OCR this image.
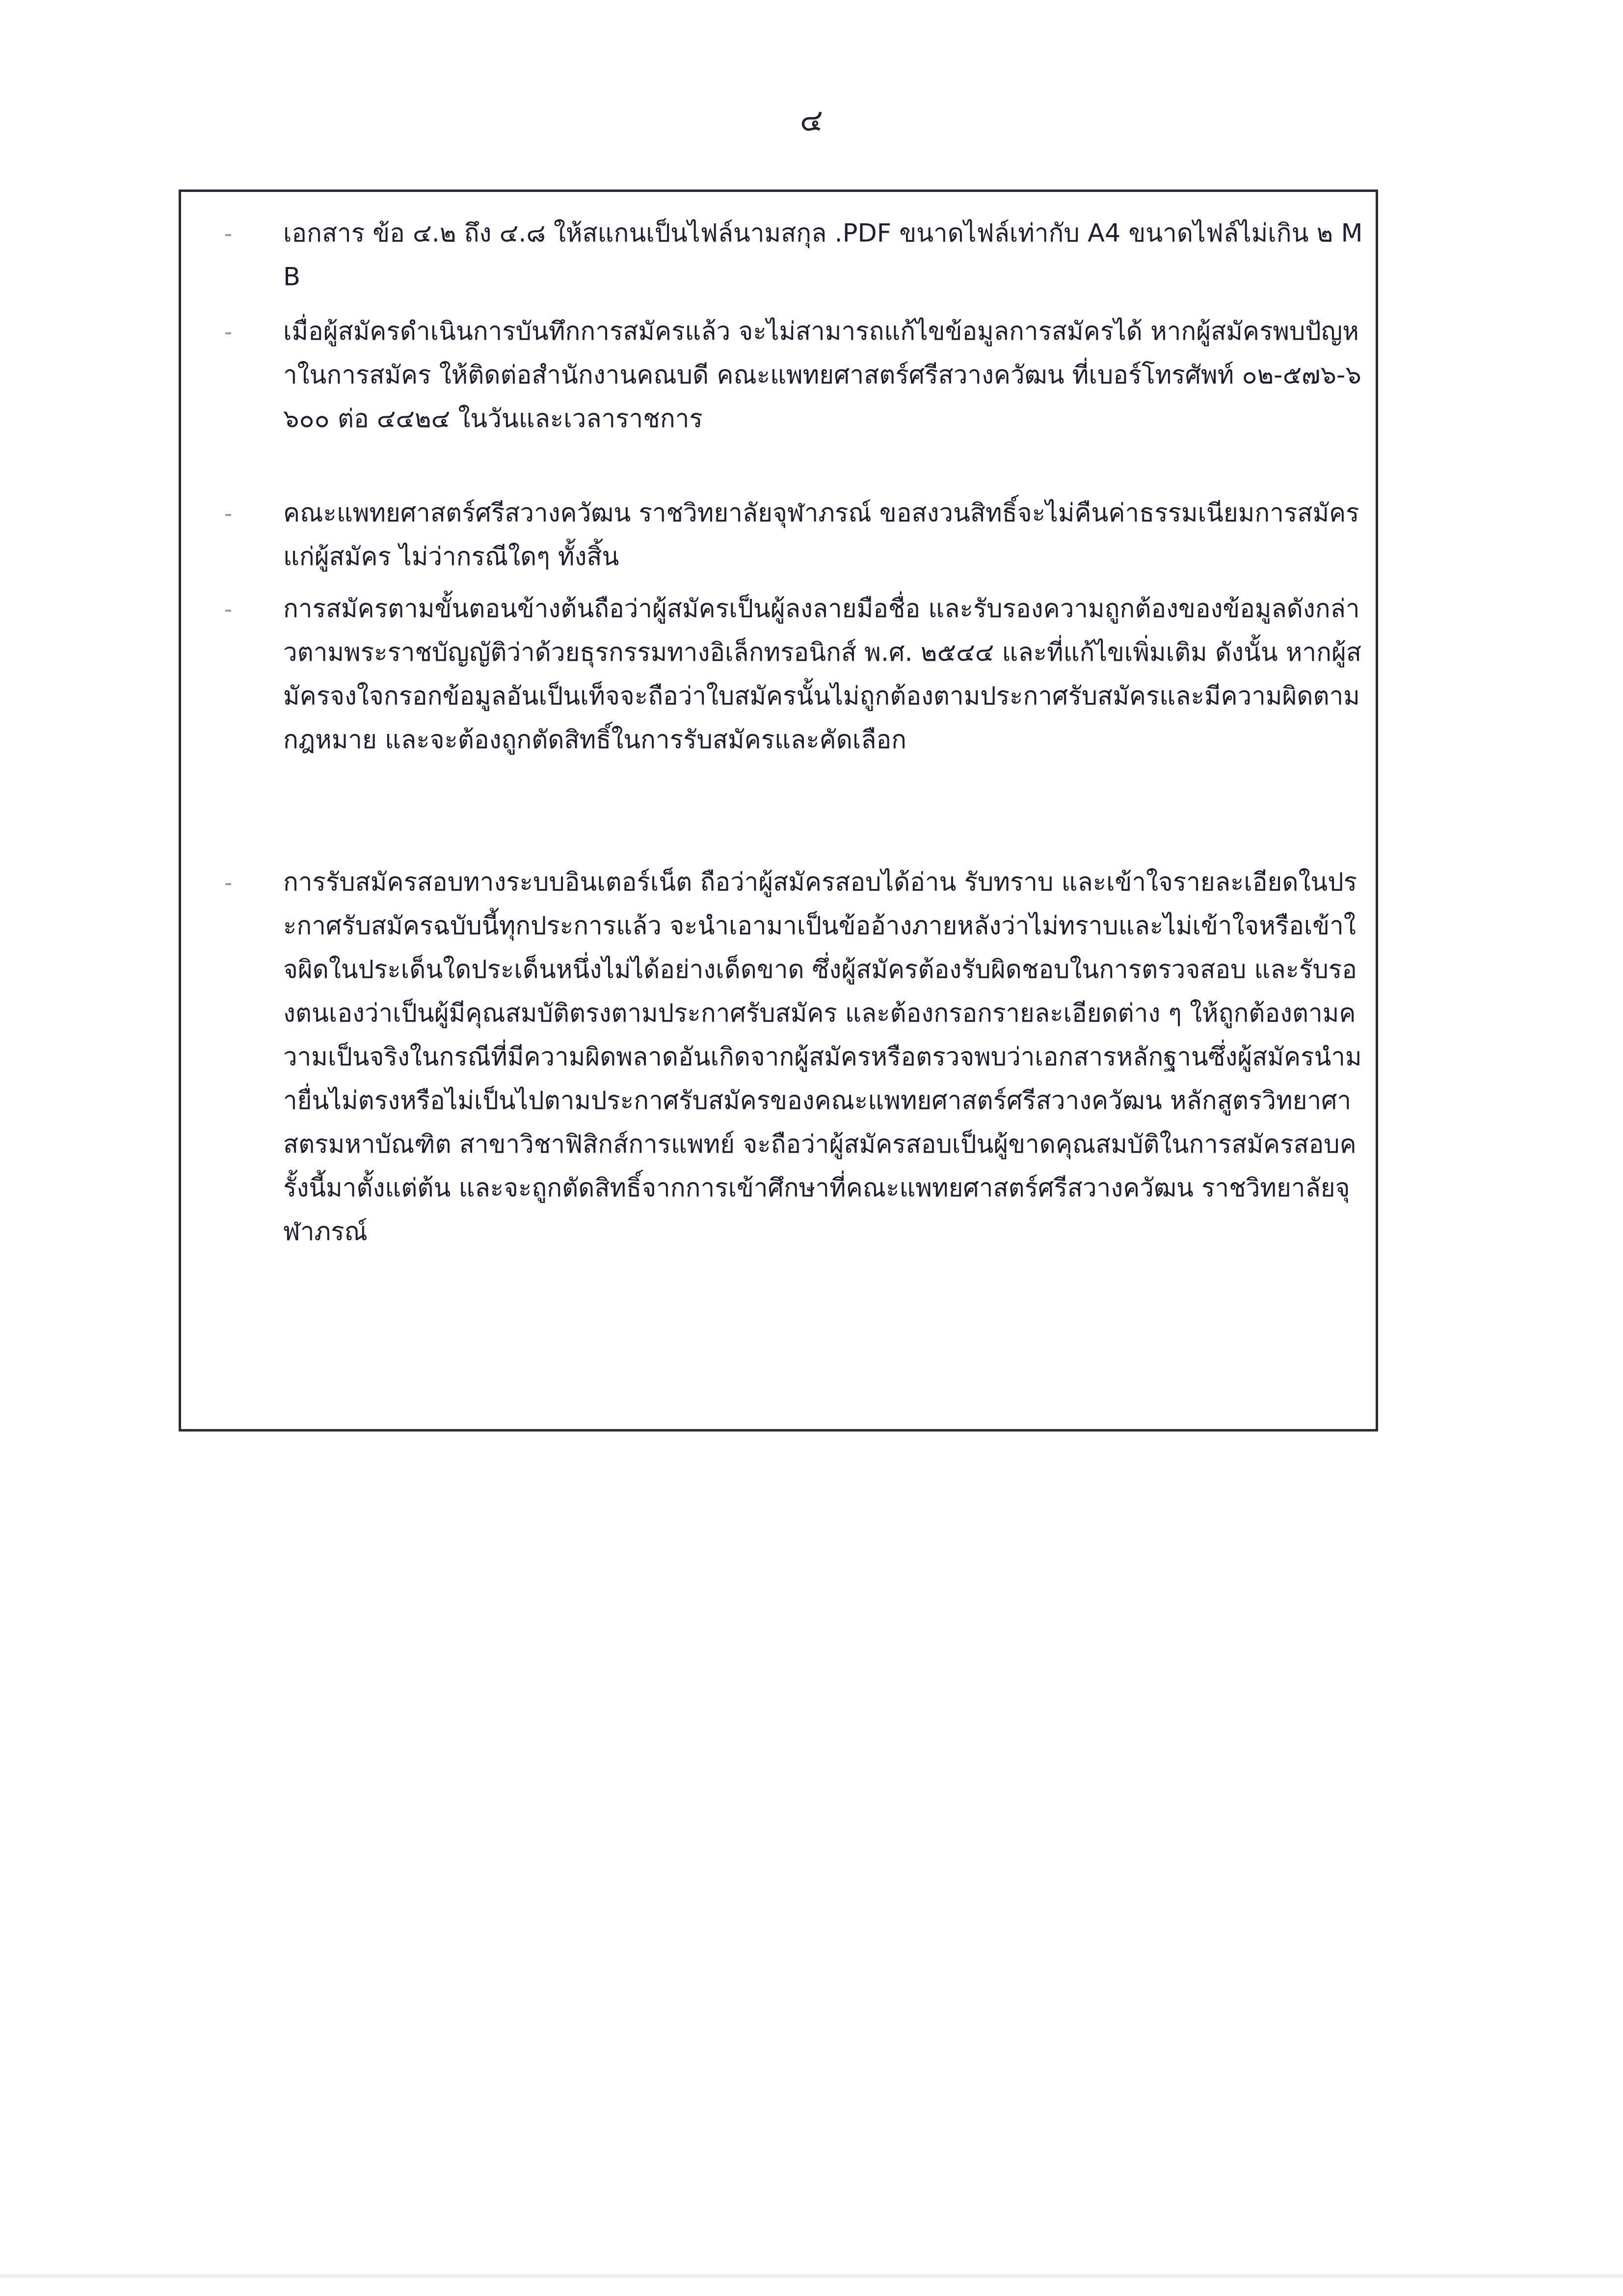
๔

เอกสาร ข้อ ๔.๒ ถึง ๔.๘ ให้สแกนเป็นไฟล์นามสกุล .PDF ขนาดไฟล์เท่ากับ A4 ขนาดไฟล์ไม่เกิน ๒ MB

เมื่อผู้สมัครดำเนินการบันทึกการสมัครแล้ว จะไม่สามารถแก้ไขข้อมูลการสมัครได้ หากผู้สมัครพบปัญหาในการสมัคร ให้ติดต่อสำนักงานคณบดี คณะแพทยศาสตร์ศรีสวางควัฒน ที่เบอร์โทรศัพท์ ๐๒-๕๗๖-๖๖๐๐ ต่อ ๔๔๒๔ ในวันและเวลาราชการ

คณะแพทยศาสตร์ศรีสวางควัฒน ราชวิทยาลัยจุฬาภรณ์ ขอสงวนสิทธิ์จะไม่คืนค่าธรรมเนียมการสมัครแก่ผู้สมัคร ไม่ว่ากรณีใดๆ ทั้งสิ้น

การสมัครตามขั้นตอนข้างต้นถือว่าผู้สมัครเป็นผู้ลงลายมือชื่อ และรับรองความถูกต้องของข้อมูลดังกล่าวตามพระราชบัญญัติว่าด้วยธุรกรรมทางอิเล็กทรอนิกส์ พ.ศ. ๒๕๔๔ และที่แก้ไขเพิ่มเติม ดังนั้น หากผู้สมัครจงใจกรอกข้อมูลอันเป็นเท็จจะถือว่าใบสมัครนั้นไม่ถูกต้องตามประกาศรับสมัครและมีความผิดตามกฎหมาย และจะต้องถูกตัดสิทธิ์ในการรับสมัครและคัดเลือก

การรับสมัครสอบทางระบบอินเตอร์เน็ต ถือว่าผู้สมัครสอบได้อ่าน รับทราบ และเข้าใจรายละเอียดในประกาศรับสมัครฉบับนี้ทุกประการแล้ว จะนำเอามาเป็นข้ออ้างภายหลังว่าไม่ทราบและไม่เข้าใจหรือเข้าใจผิดในประเด็นใดประเด็นหนึ่งไม่ได้อย่างเด็ดขาด ซึ่งผู้สมัครต้องรับผิดชอบในการตรวจสอบ และรับรองตนเองว่าเป็นผู้มีคุณสมบัติตรงตามประกาศรับสมัคร และต้องกรอกรายละเอียดต่าง ๆ ให้ถูกต้องตามความเป็นจริงในกรณีที่มีความผิดพลาดอันเกิดจากผู้สมัครหรือตรวจพบว่าเอกสารหลักฐานซึ่งผู้สมัครนำมายื่นไม่ตรงหรือไม่เป็นไปตามประกาศรับสมัครของคณะแพทยศาสตร์ศรีสวางควัฒน หลักสูตรวิทยาศาสตรมหาบัณฑิต สาขาวิชาฟิสิกส์การแพทย์ จะถือว่าผู้สมัครสอบเป็นผู้ขาดคุณสมบัติในการสมัครสอบครั้งนี้มาตั้งแต่ต้น และจะถูกตัดสิทธิ์จากการเข้าศึกษาที่คณะแพทยศาสตร์ศรีสวางควัฒน ราชวิทยาลัยจุฬาภรณ์
